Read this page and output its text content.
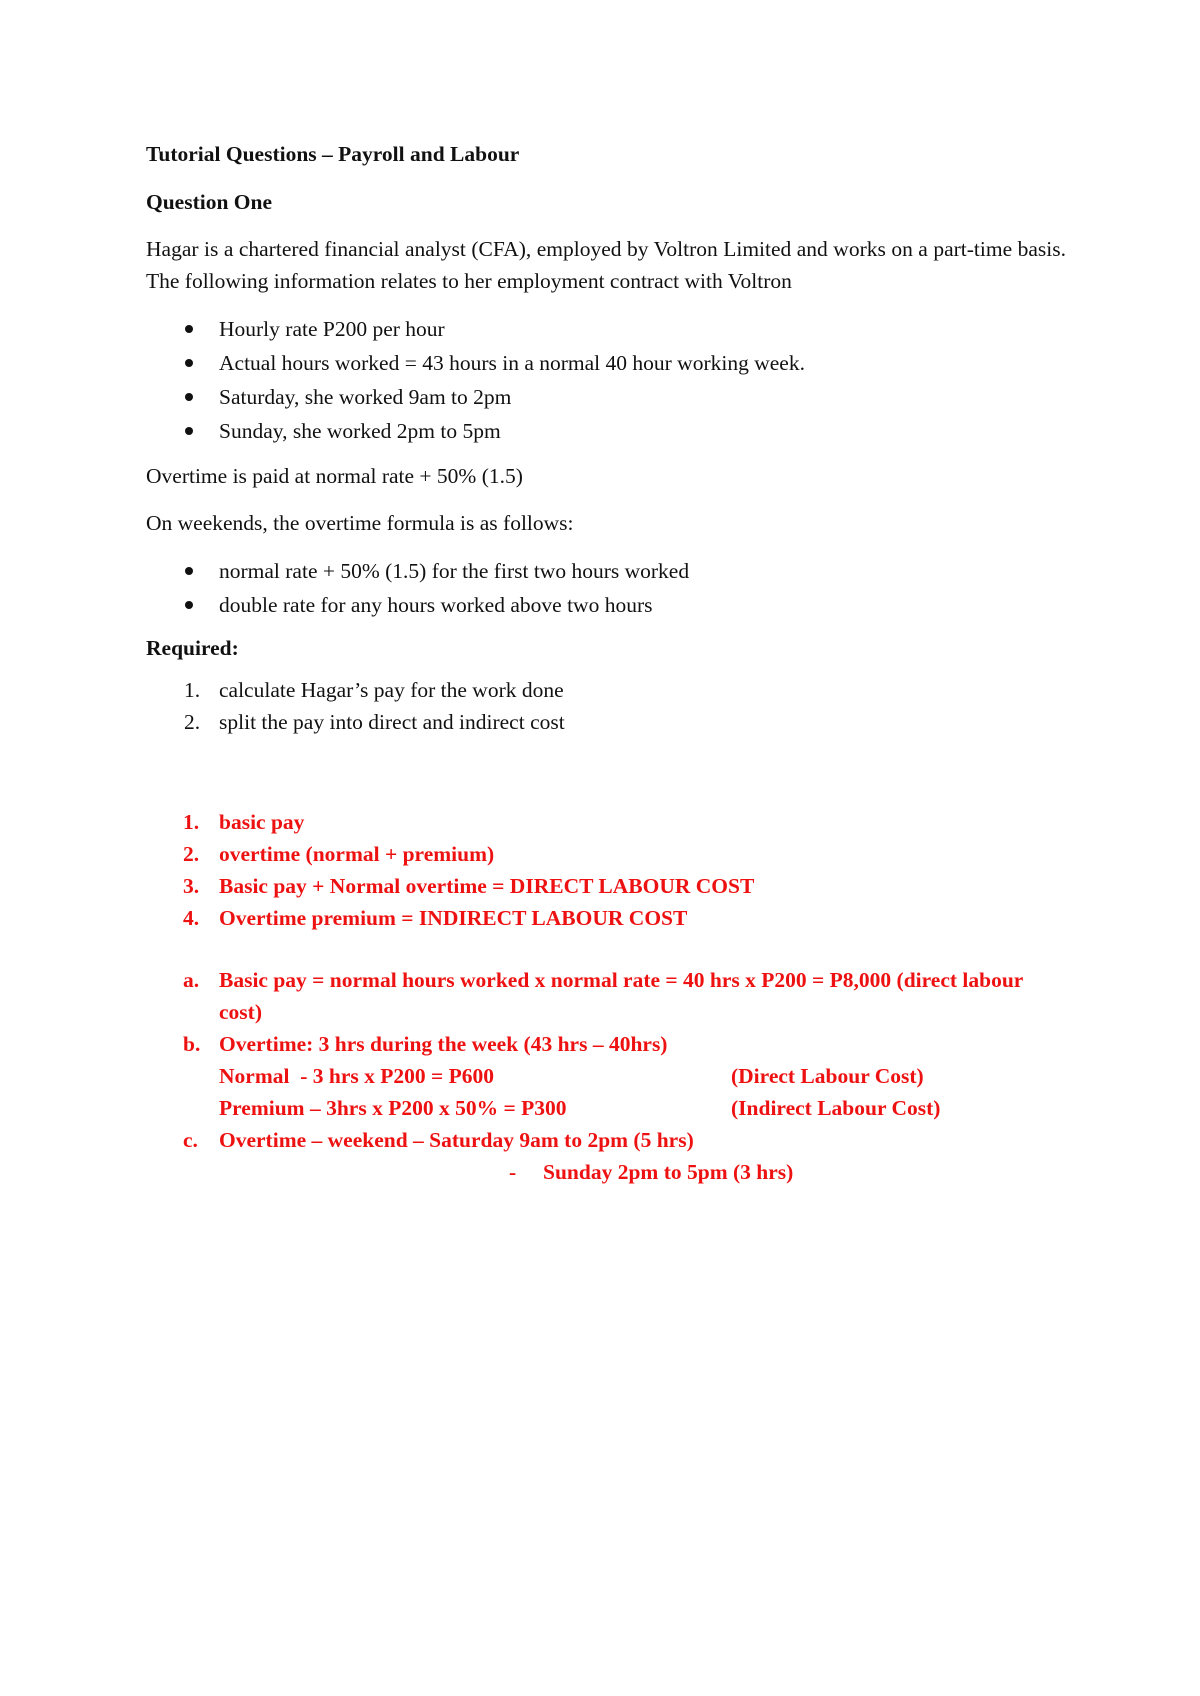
Tutorial Questions – Payroll and Labour
Question One

Hagar is a chartered financial analyst (CFA), employed by Voltron Limited and works on a part-time basis. The following information relates to her employment contract with Voltron

Hourly rate P200 per hour
Actual hours worked = 43 hours in a normal 40 hour working week.
Saturday, she worked 9am to 2pm
Sunday, she worked 2pm to 5pm

Overtime is paid at normal rate + 50% (1.5)

On weekends, the overtime formula is as follows:

normal rate + 50% (1.5) for the first two hours worked
double rate for any hours worked above two hours
Required:
1. calculate Hagar’s pay for the work done
2. split the pay into direct and indirect cost
1. basic pay
2. overtime (normal + premium)
3. Basic pay + Normal overtime = DIRECT LABOUR COST
4. Overtime premium = INDIRECT LABOUR COST
a. Basic pay = normal hours worked x normal rate = 40 hrs x P200 = P8,000 (direct labour cost)
b. Overtime: 3 hrs during the week (43 hrs – 40hrs)
Normal  - 3 hrs x P200 = P600	(Direct Labour Cost)
Premium – 3hrs x P200 x 50% = P300	(Indirect Labour Cost)
c. Overtime – weekend – Saturday 9am to 2pm (5 hrs)
- Sunday 2pm to 5pm (3 hrs)
